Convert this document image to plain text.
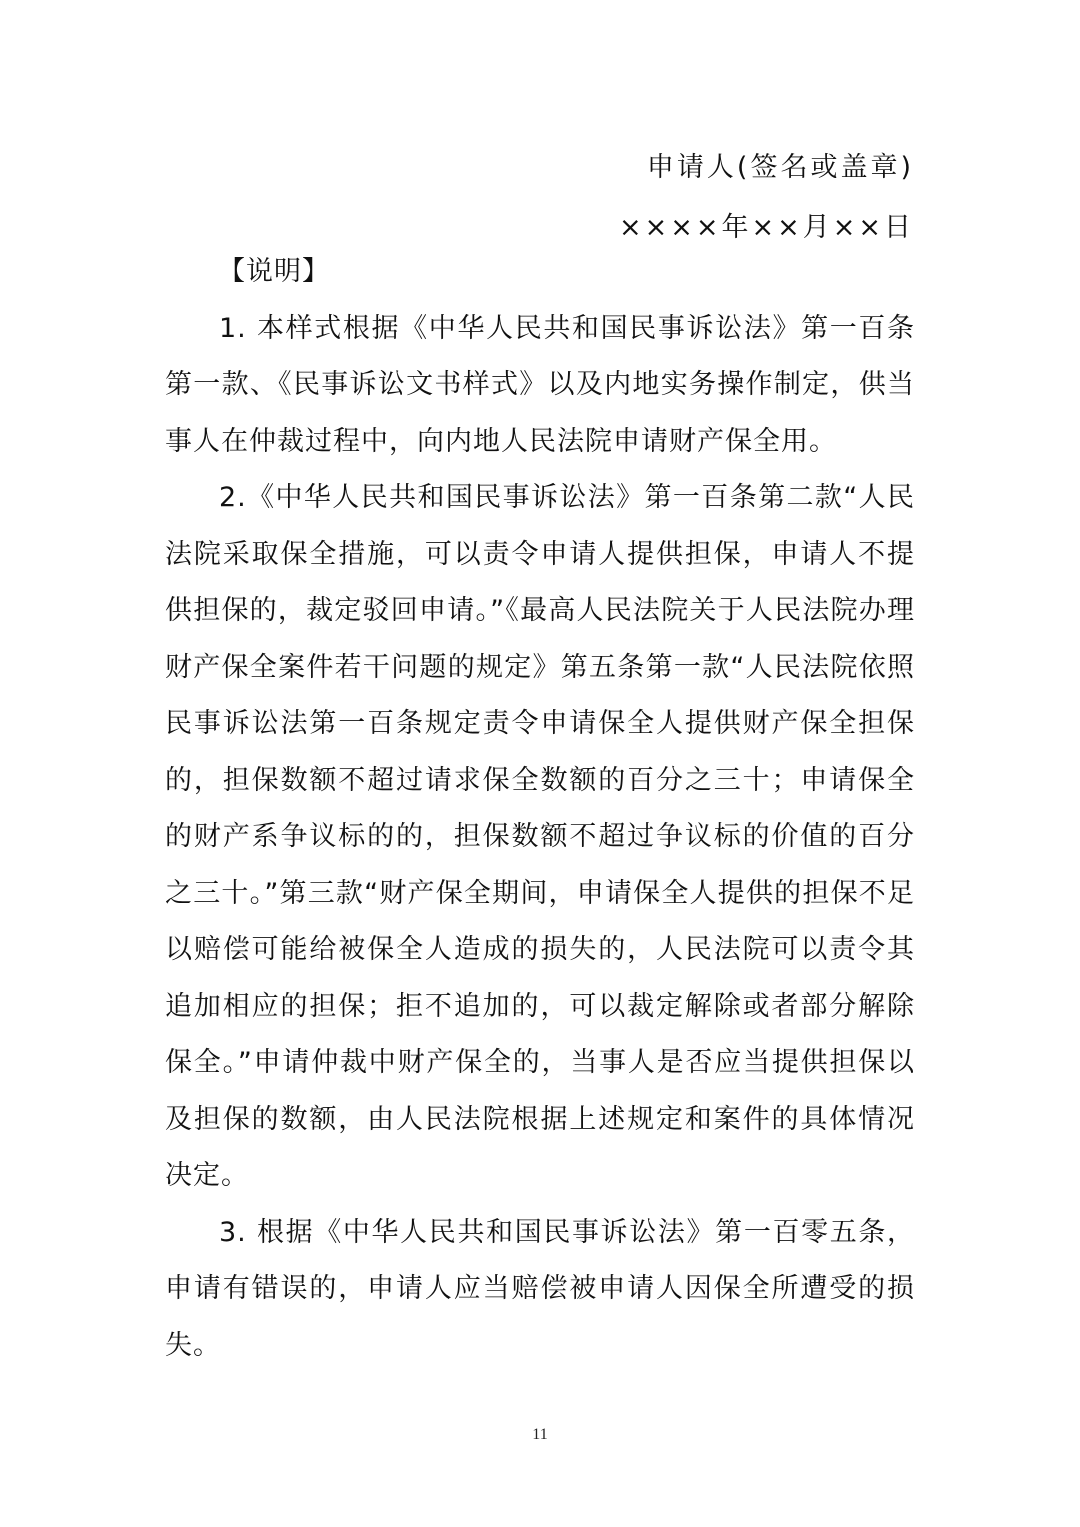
申请人(签名或盖章)
××××年××月××日

【说明】

1. 本样式根据《中华人民共和国民事诉讼法》第一百条第一款、《民事诉讼文书样式》以及内地实务操作制定，供当事人在仲裁过程中，向内地人民法院申请财产保全用。

2.《中华人民共和国民事诉讼法》第一百条第二款“人民法院采取保全措施，可以责令申请人提供担保，申请人不提供担保的，裁定驳回申请。”《最高人民法院关于人民法院办理财产保全案件若干问题的规定》第五条第一款“人民法院依照民事诉讼法第一百条规定责令申请保全人提供财产保全担保的，担保数额不超过请求保全数额的百分之三十；申请保全的财产系争议标的的，担保数额不超过争议标的价值的百分之三十。”第三款“财产保全期间，申请保全人提供的担保不足以赔偿可能给被保全人造成的损失的，人民法院可以责令其追加相应的担保；拒不追加的，可以裁定解除或者部分解除保全。”申请仲裁中财产保全的，当事人是否应当提供担保以及担保的数额，由人民法院根据上述规定和案件的具体情况决定。

3. 根据《中华人民共和国民事诉讼法》第一百零五条，申请有错误的，申请人应当赔偿被申请人因保全所遭受的损失。

11
